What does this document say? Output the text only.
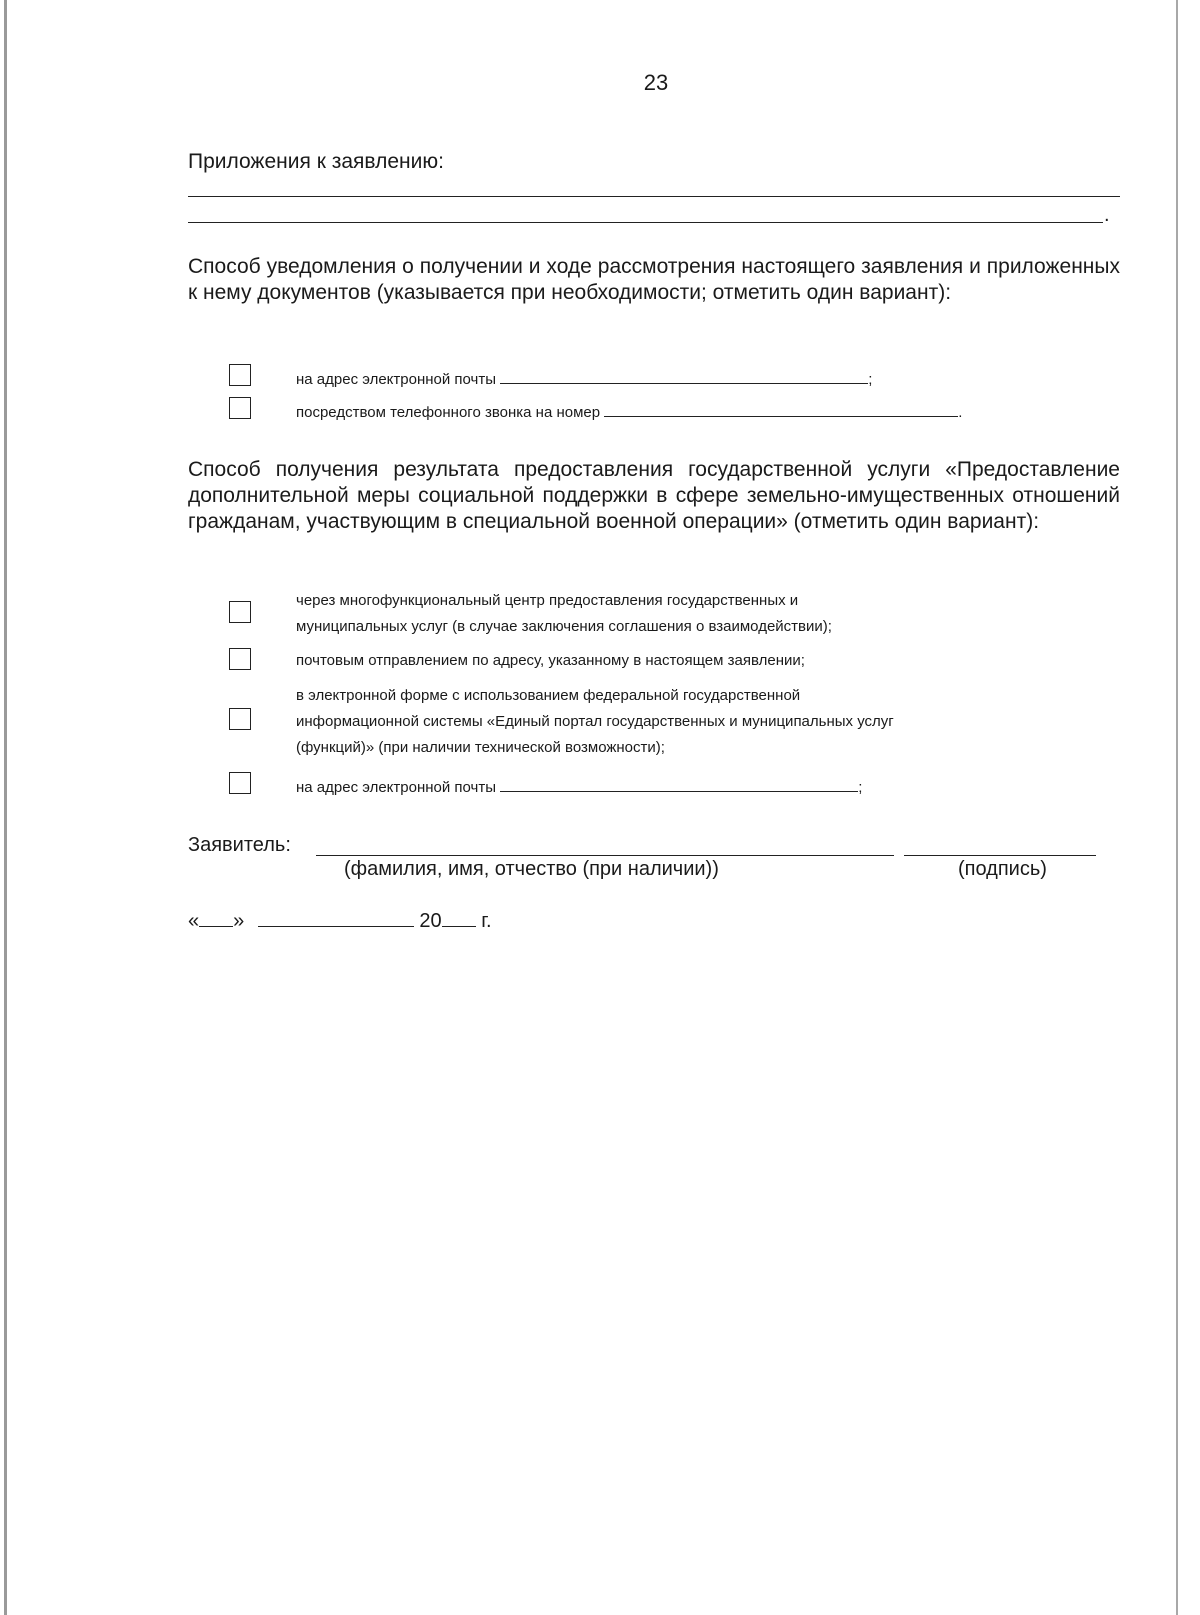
23
Приложения к заявлению:
.
Способ уведомления о получении и ходе рассмотрения настоящего заявления и приложенных к нему документов (указывается при необходимости; отметить один вариант):
на адрес электронной почты	;
посредством телефонного звонка на номер	.
Способ получения результата предоставления государственной услуги «Предоставление дополнительной меры социальной поддержки в сфере земельно-имущественных отношений гражданам, участвующим в специальной военной операции» (отметить один вариант):
через многофункциональный центр предоставления государственных и
муниципальных услуг (в случае заключения соглашения о взаимодействии);
почтовым отправлением по адресу, указанному в настоящем заявлении;
в электронной форме с использованием федеральной государственной
информационной системы «Единый портал государственных и муниципальных услуг
(функций)» (при наличии технической возможности);
на адрес электронной почты	;
Заявитель:
(фамилия, имя, отчество (при наличии))	(подпись)
« »	20 г.
